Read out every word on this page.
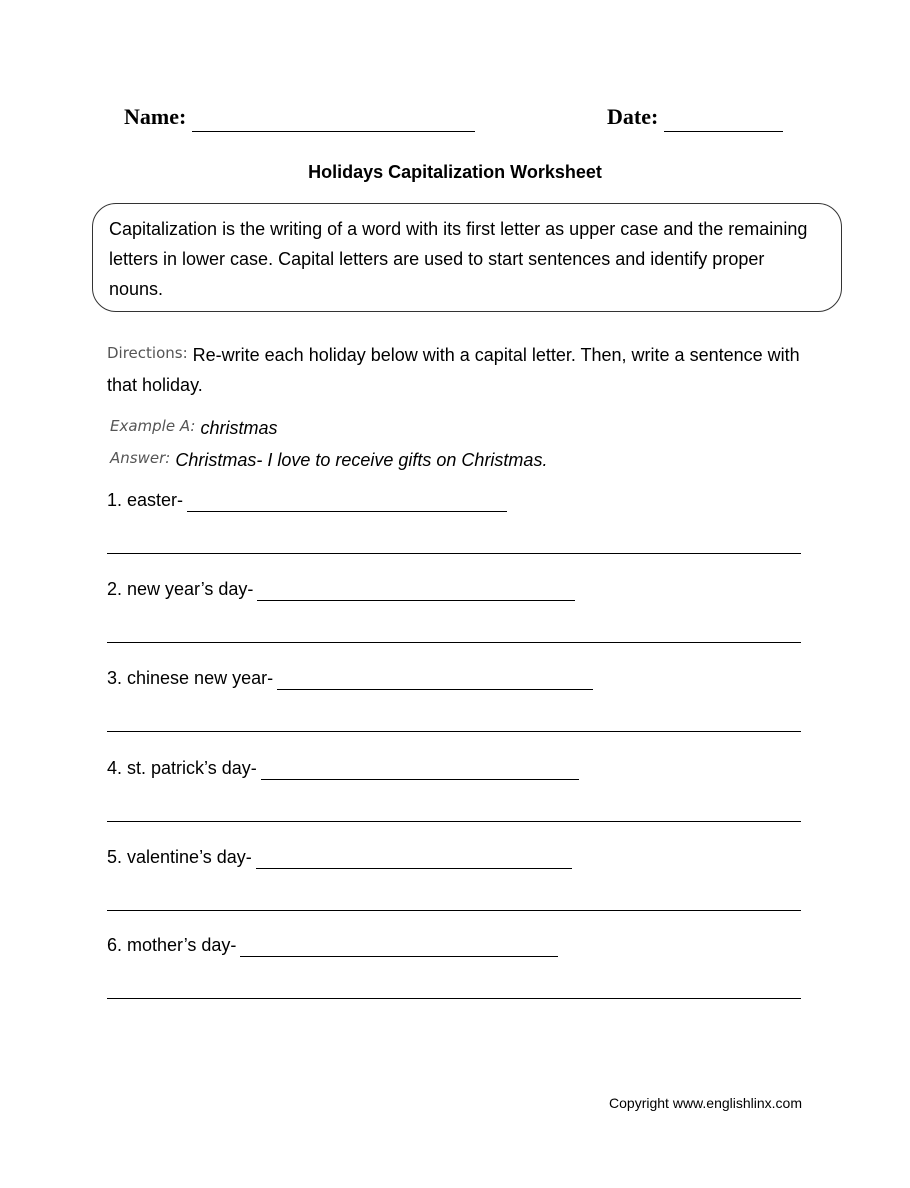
Name:	Date:
Holidays Capitalization Worksheet
Capitalization is the writing of a word with its first letter as upper case and the remaining letters in lower case. Capital letters are used to start sentences and identify proper nouns.
Directions: Re-write each holiday below with a capital letter. Then, write a sentence with that holiday.
Example A: christmas
Answer: Christmas- I love to receive gifts on Christmas.
1. easter-
2. new year’s day-
3. chinese new year-
4. st. patrick’s day-
5. valentine’s day-
6. mother’s day-
Copyright www.englishlinx.com
